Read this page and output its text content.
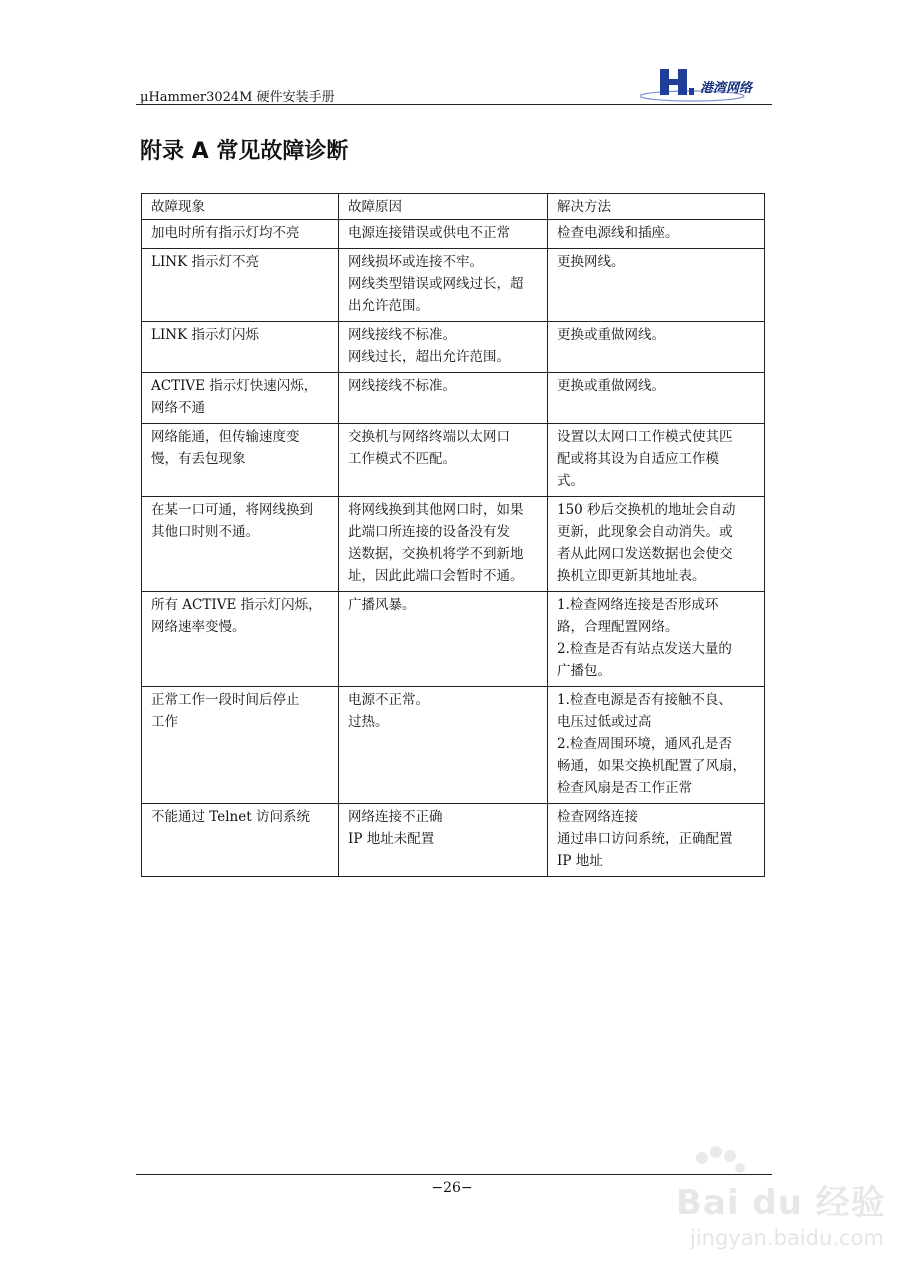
μHammer3024M 硬件安装手册
港湾网络
附录 A 常见故障诊断
故障现象	故障原因	解决方法

加电时所有指示灯均不亮	电源连接错误或供电不正常	检查电源线和插座。

LINK 指示灯不亮	网线损坏或连接不牢。
网线类型错误或网线过长，超
出允许范围。	更换网线。

LINK 指示灯闪烁	网线接线不标准。
网线过长，超出允许范围。	更换或重做网线。

ACTIVE 指示灯快速闪烁，
网络不通	网线接线不标准。	更换或重做网线。

网络能通，但传输速度变
慢，有丢包现象	交换机与网络终端以太网口
工作模式不匹配。	设置以太网口工作模式使其匹
配或将其设为自适应工作模
式。

在某一口可通，将网线换到
其他口时则不通。	将网线换到其他网口时，如果
此端口所连接的设备没有发
送数据，交换机将学不到新地
址，因此此端口会暂时不通。	150 秒后交换机的地址会自动
更新，此现象会自动消失。或
者从此网口发送数据也会使交
换机立即更新其地址表。

所有 ACTIVE 指示灯闪烁，
网络速率变慢。	广播风暴。	1.检查网络连接是否形成环
路，合理配置网络。
2.检查是否有站点发送大量的
广播包。

正常工作一段时间后停止
工作	电源不正常。
过热。	1.检查电源是否有接触不良、
电压过低或过高
2.检查周围环境，通风孔是否
畅通，如果交换机配置了风扇，
检查风扇是否工作正常

不能通过 Telnet 访问系统	网络连接不正确
IP 地址未配置	检查网络连接
通过串口访问系统，正确配置
IP 地址
−26−	Bai du 经验
jingyan.baidu.com
